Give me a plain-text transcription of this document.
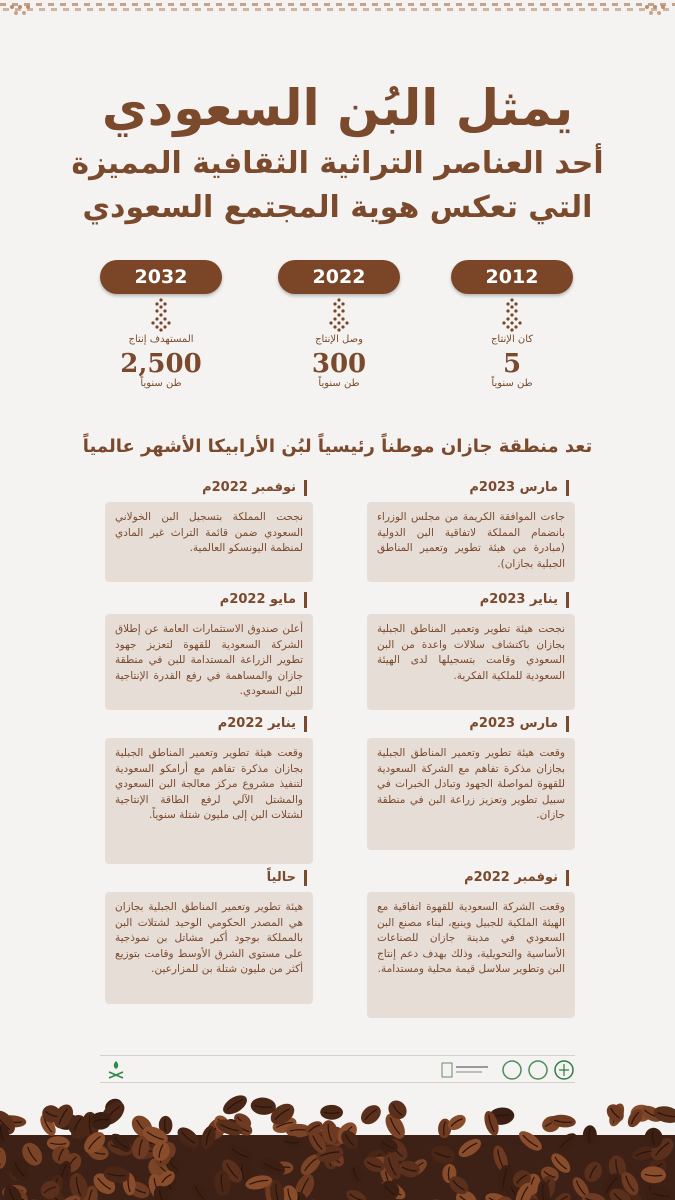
يمثل البُن السعودي
أحد العناصر التراثية الثقافية المميزة
التي تعكس هوية المجتمع السعودي
2012
كان الإنتاج
5
طن سنوياً
2022
وصل الإنتاج
300
طن سنوياً
2032
المستهدف إنتاج
2,500
طن سنوياً
تعد منطقة جازان موطناً رئيسياً لبُن الأرابيكا الأشهر عالمياً
مارس 2023م
جاءت الموافقة الكريمة من مجلس الوزراء بانضمام المملكة لاتفاقية البن الدولية (مبادرة من هيئة تطوير وتعمير المناطق الجبلية بجازان).
يناير 2023م
نجحت هيئة تطوير وتعمير المناطق الجبلية بجازان باكتشاف سلالات واعدة من البن السعودي وقامت بتسجيلها لدى الهيئة السعودية للملكية الفكرية.
مارس 2023م
وقعت هيئة تطوير وتعمير المناطق الجبلية بجازان مذكرة تفاهم مع الشركة السعودية للقهوة لمواصلة الجهود وتبادل الخبرات في سبيل تطوير وتعزيز زراعة البن في منطقة جازان.
نوفمبر 2022م
وقعت الشركة السعودية للقهوة اتفاقية مع الهيئة الملكية للجبيل وينبع، لبناء مصنع البن السعودي في مدينة جازان للصناعات الأساسية والتحويلية، وذلك بهدف دعم إنتاج البن وتطوير سلاسل قيمة محلية ومستدامة.
نوفمبر 2022م
نجحت المملكة بتسجيل البن الخولاني السعودي ضمن قائمة التراث غير المادي لمنظمة اليونسكو العالمية.
مايو 2022م
أعلن صندوق الاستثمارات العامة عن إطلاق الشركة السعودية للقهوة لتعزيز جهود تطوير الزراعة المستدامة للبن في منطقة جازان والمساهمة في رفع القدرة الإنتاجية للبن السعودي.
يناير 2022م
وقعت هيئة تطوير وتعمير المناطق الجبلية بجازان مذكرة تفاهم مع أرامكو السعودية لتنفيذ مشروع مركز معالجة البن السعودي والمشتل الآلي لرفع الطاقة الإنتاجية لشتلات البن إلى مليون شتلة سنوياً.
حالياً
هيئة تطوير وتعمير المناطق الجبلية بجازان هي المصدر الحكومي الوحيد لشتلات البن بالمملكة بوجود أكبر مشاتل بن نموذجية على مستوى الشرق الأوسط وقامت بتوزيع أكثر من مليون شتلة بن للمزارعين.
